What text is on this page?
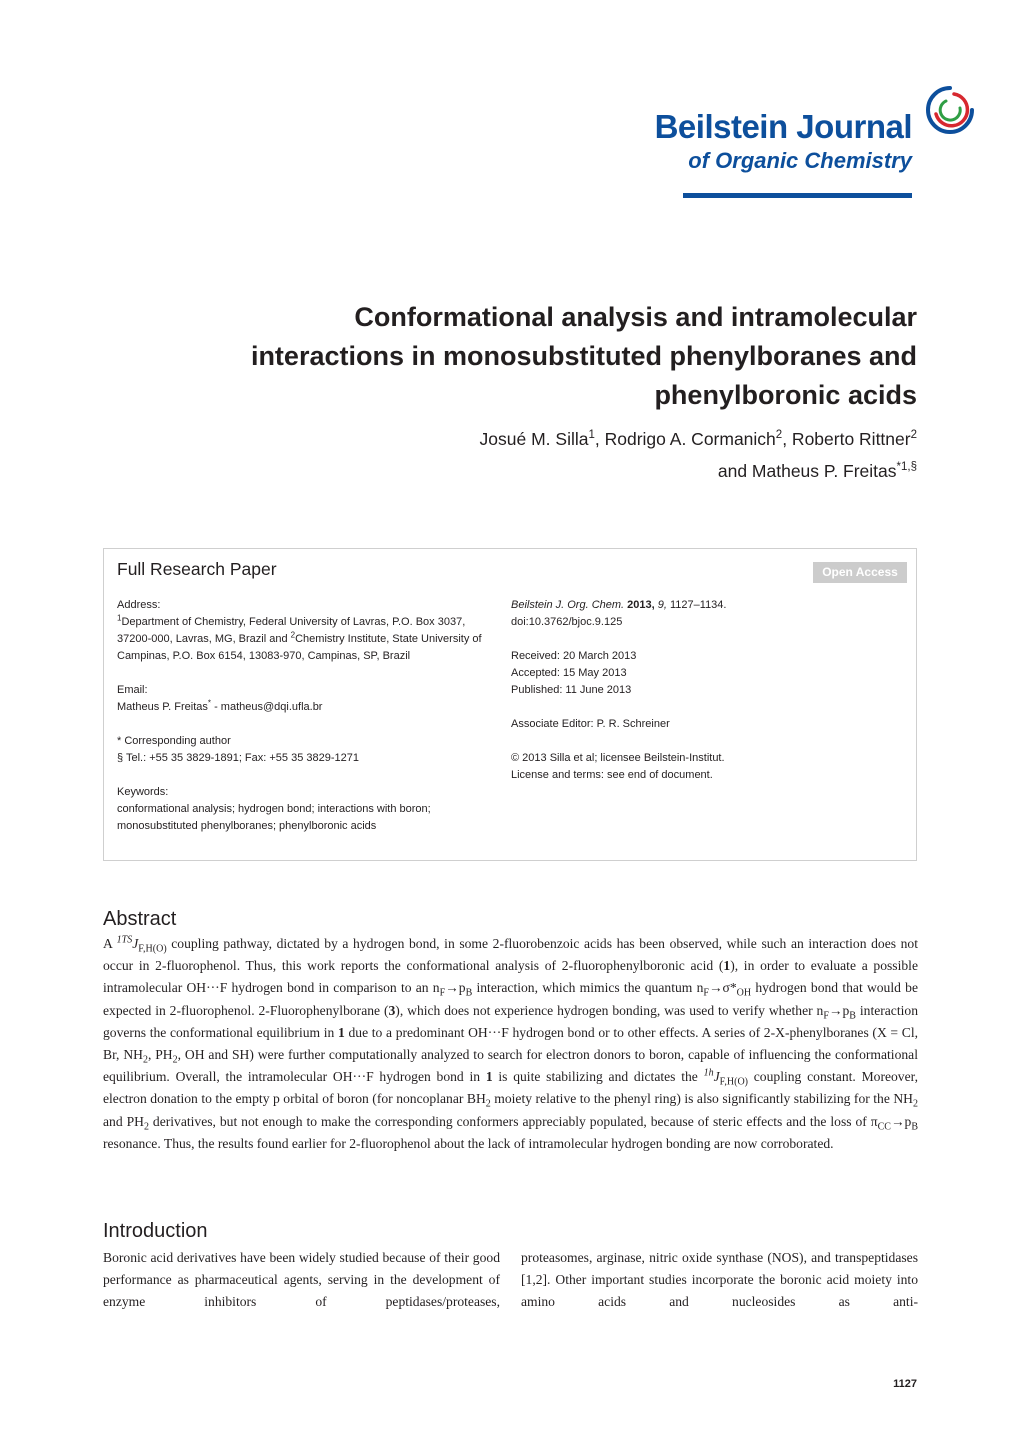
Beilstein Journal
of Organic Chemistry
Conformational analysis and intramolecular interactions in monosubstituted phenylboranes and phenylboronic acids
Josué M. Silla$^1$, Rodrigo A. Cormanich$^2$, Roberto Rittner$^2$
and Matheus P. Freitas$^{*1,\S}$
Full Research Paper	Open Access
Address:
$^1$Department of Chemistry, Federal University of Lavras, P.O. Box 3037, 37200-000, Lavras, MG, Brazil and $^2$Chemistry Institute, State University of Campinas, P.O. Box 6154, 13083-970, Campinas, SP, Brazil
Email:
Matheus P. Freitas* - matheus@dqi.ufla.br
* Corresponding author
§ Tel.: +55 35 3829-1891; Fax: +55 35 3829-1271
Keywords:
conformational analysis; hydrogen bond; interactions with boron; monosubstituted phenylboranes; phenylboronic acids
Beilstein J. Org. Chem. 2013, 9, 1127–1134.
doi:10.3762/bjoc.9.125
Received: 20 March 2013
Accepted: 15 May 2013
Published: 11 June 2013
Associate Editor: P. R. Schreiner
© 2013 Silla et al; licensee Beilstein-Institut.
License and terms: see end of document.
Abstract

A $^{1TS}J_{F,H(O)}$ coupling pathway, dictated by a hydrogen bond, in some 2-fluorobenzoic acids has been observed, while such an interaction does not occur in 2-fluorophenol. Thus, this work reports the conformational analysis of 2-fluorophenylboronic acid (1), in order to evaluate a possible intramolecular OH···F hydrogen bond in comparison to an $n_F\to p_B$ interaction, which mimics the quantum $n_F\to\sigma*_{OH}$ hydrogen bond that would be expected in 2-fluorophenol. 2-Fluorophenylborane (3), which does not experience hydrogen bonding, was used to verify whether $n_F\to p_B$ interaction governs the conformational equilibrium in 1 due to a predominant OH···F hydrogen bond or to other effects. A series of 2-X-phenylboranes (X = Cl, Br, $NH_2$, $PH_2$, OH and SH) were further computationally analyzed to search for electron donors to boron, capable of influencing the conformational equilibrium. Overall, the intramolecular OH···F hydrogen bond in 1 is quite stabilizing and dictates the $^{1h}J_{F,H(O)}$ coupling constant. Moreover, electron donation to the empty p orbital of boron (for noncoplanar $BH_2$ moiety relative to the phenyl ring) is also significantly stabilizing for the $NH_2$ and $PH_2$ derivatives, but not enough to make the corresponding conformers appreciably populated, because of steric effects and the loss of $\pi_{CC}\to p_B$ resonance. Thus, the results found earlier for 2-fluorophenol about the lack of intramolecular hydrogen bonding are now corroborated.

Introduction

Boronic acid derivatives have been widely studied because of their good performance as pharmaceutical agents, serving in the development of enzyme inhibitors of peptidases/proteases,

proteasomes, arginase, nitric oxide synthase (NOS), and transpeptidases [1,2]. Other important studies incorporate the boronic acid moiety into amino acids and nucleosides as anti-

1127
